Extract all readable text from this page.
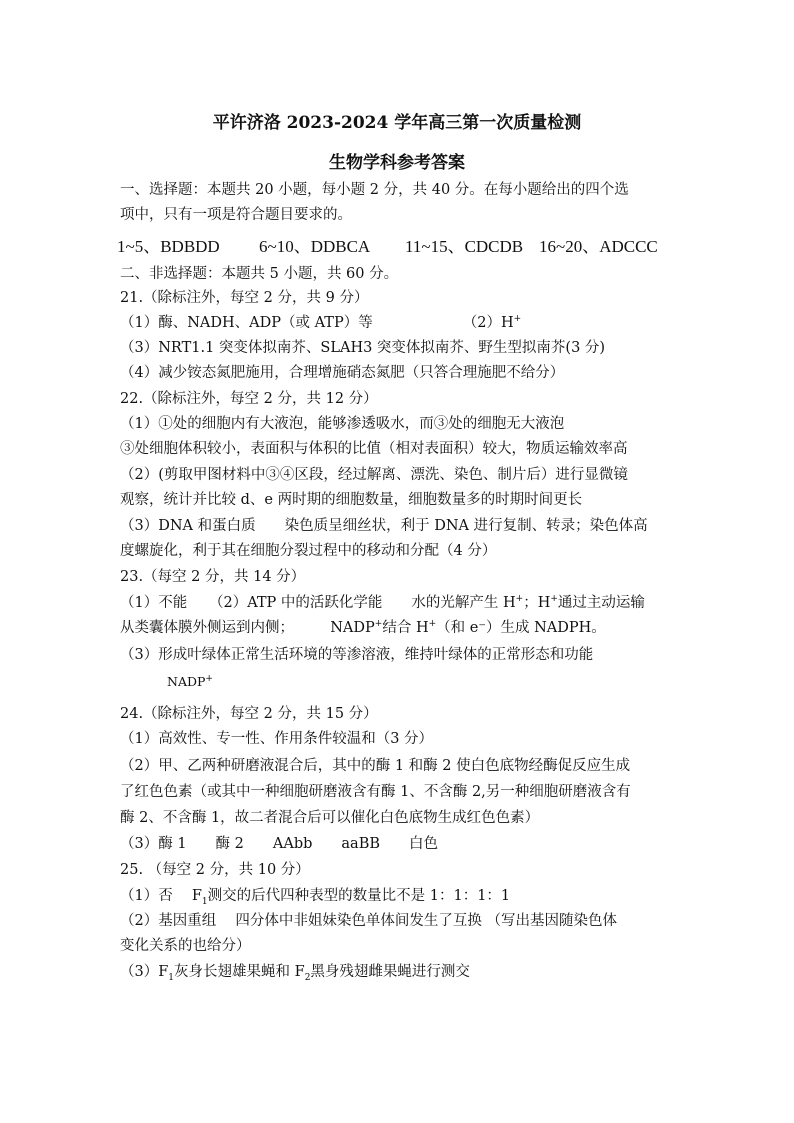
平许济洛 2023-2024 学年高三第一次质量检测
生物学科参考答案
一、选择题：本题共 20 小题，每小题 2 分，共 40 分。在每小题给出的四个选
项中，只有一项是符合题目要求的。
1~5、BDBDD 6~10、DDBCA 11~15、CDCDB 16~20、ADCCC
二、非选择题：本题共 5 小题，共 60 分。
21.（除标注外，每空 2 分，共 9 分）
（1）酶、NADH、ADP（或 ATP）等	（2）H+
（3）NRT1.1 突变体拟南芥、SLAH3 突变体拟南芥、野生型拟南芥(3 分)
（4）减少铵态氮肥施用，合理增施硝态氮肥（只答合理施肥不给分）
22.（除标注外，每空 2 分，共 12 分）
（1）①处的细胞内有大液泡，能够渗透吸水，而③处的细胞无大液泡
③处细胞体积较小，表面积与体积的比值（相对表面积）较大，物质运输效率高
（2）(剪取甲图材料中③④区段，经过解离、漂洗、染色、制片后）进行显微镜
观察，统计并比较 d、e 两时期的细胞数量，细胞数量多的时期时间更长
（3）DNA 和蛋白质　　染色质呈细丝状，利于 DNA 进行复制、转录；染色体高
度螺旋化，利于其在细胞分裂过程中的移动和分配（4 分）
23.（每空 2 分，共 14 分）
（1）不能　　（2）ATP 中的活跃化学能　　水的光解产生 H+；H+通过主动运输
从类囊体膜外侧运到内侧；　　　NADP+结合 H+（和 e⁻）生成 NADPH。
（3）形成叶绿体正常生活环境的等渗溶液，维持叶绿体的正常形态和功能
NADP+
24.（除标注外，每空 2 分，共 15 分）
（1）高效性、专一性、作用条件较温和（3 分）
（2）甲、乙两种研磨液混合后，其中的酶 1 和酶 2 使白色底物经酶促反应生成
了红色色素（或其中一种细胞研磨液含有酶 1、不含酶 2,另一种细胞研磨液含有
酶 2、不含酶 1，故二者混合后可以催化白色底物生成红色色素）
（3）酶 1　　酶 2　　AAbb　　aaBB　　白色
25. （每空 2 分，共 10 分）
（1）否　 $F_1$测交的后代四种表型的数量比不是 1：1：1：1
（2）基因重组　 四分体中非姐妹染色单体间发生了互换 （写出基因随染色体
变化关系的也给分）
$(3)F_1$灰身长翅雄果蝇和 $F_2$黑身残翅雌果蝇进行测交
